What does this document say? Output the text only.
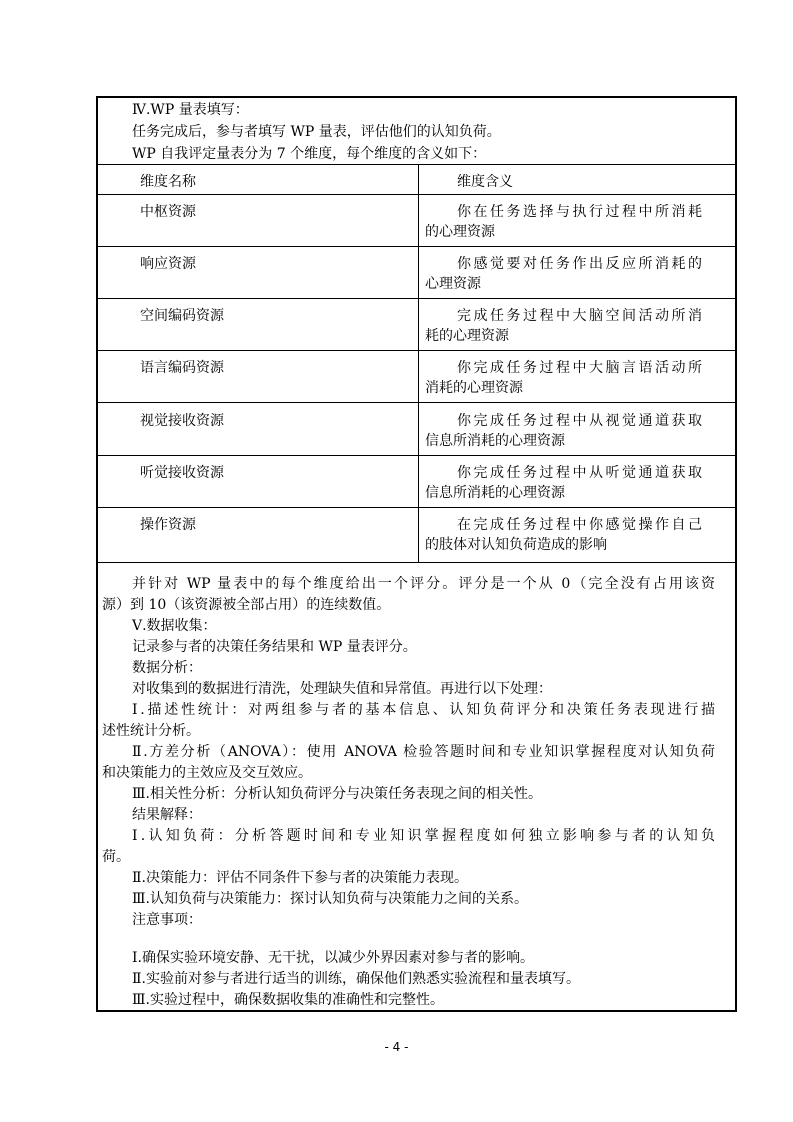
Ⅳ.WP 量表填写：
任务完成后，参与者填写 WP 量表，评估他们的认知负荷。
WP 自我评定量表分为 7 个维度，每个维度的含义如下：
维度名称	维度含义
中枢资源	你在任务选择与执行过程中所消耗
的心理资源
响应资源	你感觉要对任务作出反应所消耗的
心理资源
空间编码资源	完成任务过程中大脑空间活动所消
耗的心理资源
语言编码资源	你完成任务过程中大脑言语活动所
消耗的心理资源
视觉接收资源	你完成任务过程中从视觉通道获取
信息所消耗的心理资源
听觉接收资源	你完成任务过程中从听觉通道获取
信息所消耗的心理资源
操作资源	在完成任务过程中你感觉操作自己
的肢体对认知负荷造成的影响
并针对 WP 量表中的每个维度给出一个评分。评分是一个从 0（完全没有占用该资
源）到 10（该资源被全部占用）的连续数值。
Ⅴ.数据收集：
记录参与者的决策任务结果和 WP 量表评分。
数据分析：
对收集到的数据进行清洗，处理缺失值和异常值。再进行以下处理：
Ⅰ.描述性统计：对两组参与者的基本信息、认知负荷评分和决策任务表现进行描
述性统计分析。
Ⅱ.方差分析（ANOVA）：使用 ANOVA 检验答题时间和专业知识掌握程度对认知负荷
和决策能力的主效应及交互效应。
Ⅲ.相关性分析：分析认知负荷评分与决策任务表现之间的相关性。
结果解释：
Ⅰ.认知负荷：分析答题时间和专业知识掌握程度如何独立影响参与者的认知负
荷。
Ⅱ.决策能力：评估不同条件下参与者的决策能力表现。
Ⅲ.认知负荷与决策能力：探讨认知负荷与决策能力之间的关系。
注意事项：
Ⅰ.确保实验环境安静、无干扰，以减少外界因素对参与者的影响。
Ⅱ.实验前对参与者进行适当的训练，确保他们熟悉实验流程和量表填写。
Ⅲ.实验过程中，确保数据收集的准确性和完整性。
- 4 -
